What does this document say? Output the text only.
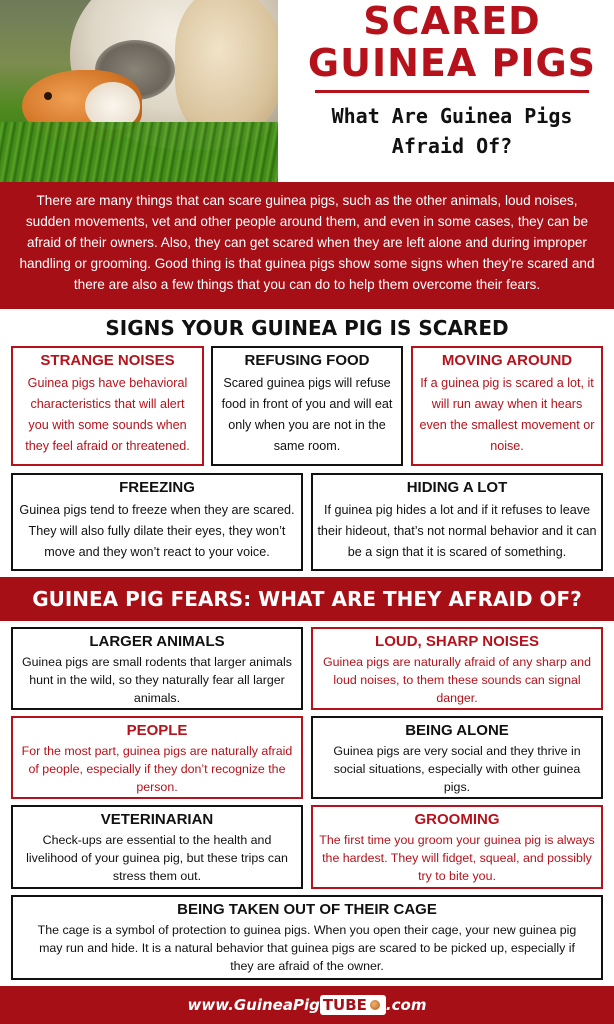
SCARED
GUINEA PIGS
What Are Guinea Pigs Afraid Of?
There are many things that can scare guinea pigs, such as the other animals, loud noises, sudden movements, vet and other people around them, and even in some cases, they can be afraid of their owners. Also, they can get scared when they are left alone and during improper handling or grooming. Good thing is that guinea pigs show some signs when they’re scared and there are also a few things that you can do to help them overcome their fears.
SIGNS YOUR GUINEA PIG IS SCARED
STRANGE NOISES
Guinea pigs have behavioral characteristics that will alert you with some sounds when they feel afraid or threatened.
REFUSING FOOD
Scared guinea pigs will refuse food in front of you and will eat only when you are not in the same room.
MOVING AROUND
If a guinea pig is scared a lot, it will run away when it hears even the smallest movement or noise.
FREEZING
Guinea pigs tend to freeze when they are scared. They will also fully dilate their eyes, they won’t move and they won’t react to your voice.
HIDING A LOT
If guinea pig hides a lot and if it refuses to leave their hideout, that’s not normal behavior and it can be a sign that it is scared of something.
GUINEA PIG FEARS: WHAT ARE THEY AFRAID OF?
LARGER ANIMALS
Guinea pigs are small rodents that larger animals hunt in the wild, so they naturally fear all larger animals.
LOUD, SHARP NOISES
Guinea pigs are naturally afraid of any sharp and loud noises, to them these sounds can signal danger.
PEOPLE
For the most part, guinea pigs are naturally afraid of people, especially if they don’t recognize the person.
BEING ALONE
Guinea pigs are very social and they thrive in social situations, especially with other guinea pigs.
VETERINARIAN
Check-ups are essential to the health and livelihood of your guinea pig, but these trips can stress them out.
GROOMING
The first time you groom your guinea pig is always the hardest. They will fidget, squeal, and possibly try to bite you.
BEING TAKEN OUT OF THEIR CAGE
The cage is a symbol of protection to guinea pigs. When you open their cage, your new guinea pig may run and hide. It is a natural behavior that guinea pigs are scared to be picked up, especially if they are afraid of the owner.
www.GuineaPig TUBE .com
